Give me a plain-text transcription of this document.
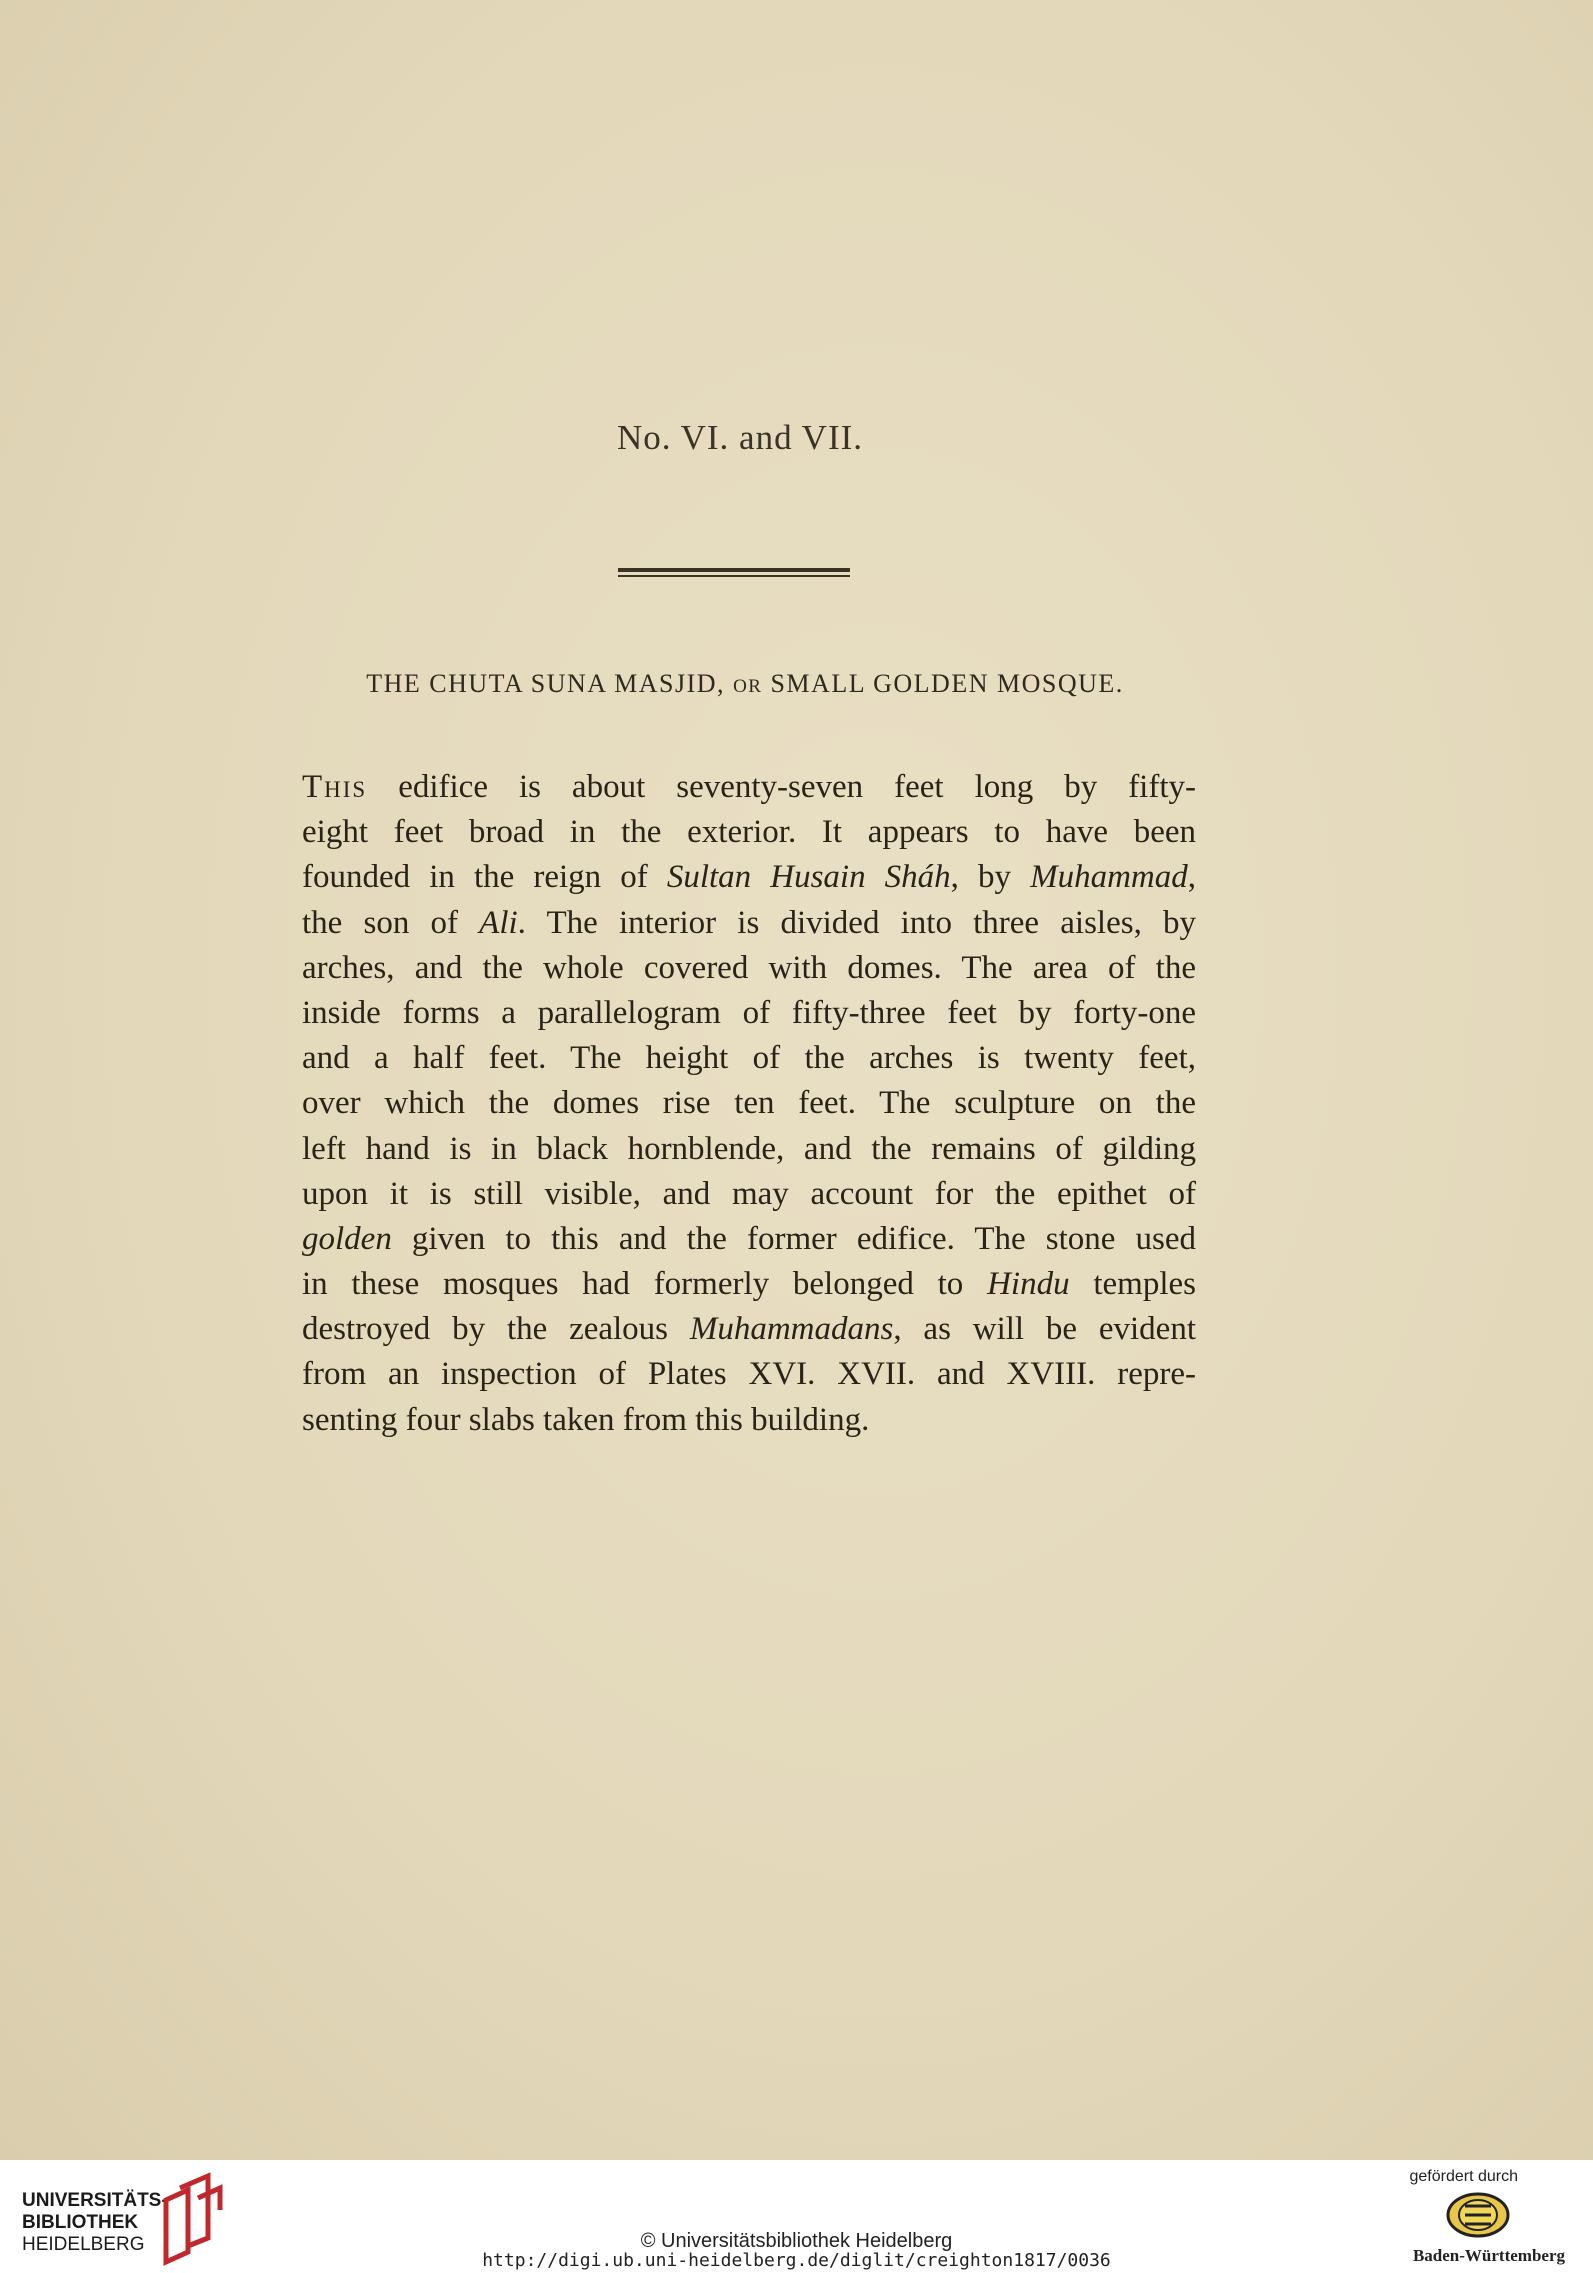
No. VI. and VII.
THE CHUTA SUNA MASJID, OR SMALL GOLDEN MOSQUE.
This edifice is about seventy-seven feet long by fifty-
eight feet broad in the exterior. It appears to have been
founded in the reign of Sultan Husain Sháh, by Muhammad,
the son of Ali. The interior is divided into three aisles, by
arches, and the whole covered with domes. The area of the
inside forms a parallelogram of fifty-three feet by forty-one
and a half feet. The height of the arches is twenty feet,
over which the domes rise ten feet. The sculpture on the
left hand is in black hornblende, and the remains of gilding
upon it is still visible, and may account for the epithet of
golden given to this and the former edifice. The stone used
in these mosques had formerly belonged to Hindu temples
destroyed by the zealous Muhammadans, as will be evident
from an inspection of Plates XVI. XVII. and XVIII. repre-
senting four slabs taken from this building.
UNIVERSITÄTS-
BIBLIOTHEK
HEIDELBERG	© Universitätsbibliothek Heidelberg
http://digi.ub.uni-heidelberg.de/diglit/creighton1817/0036
gefördert durch
Baden-Württemberg
